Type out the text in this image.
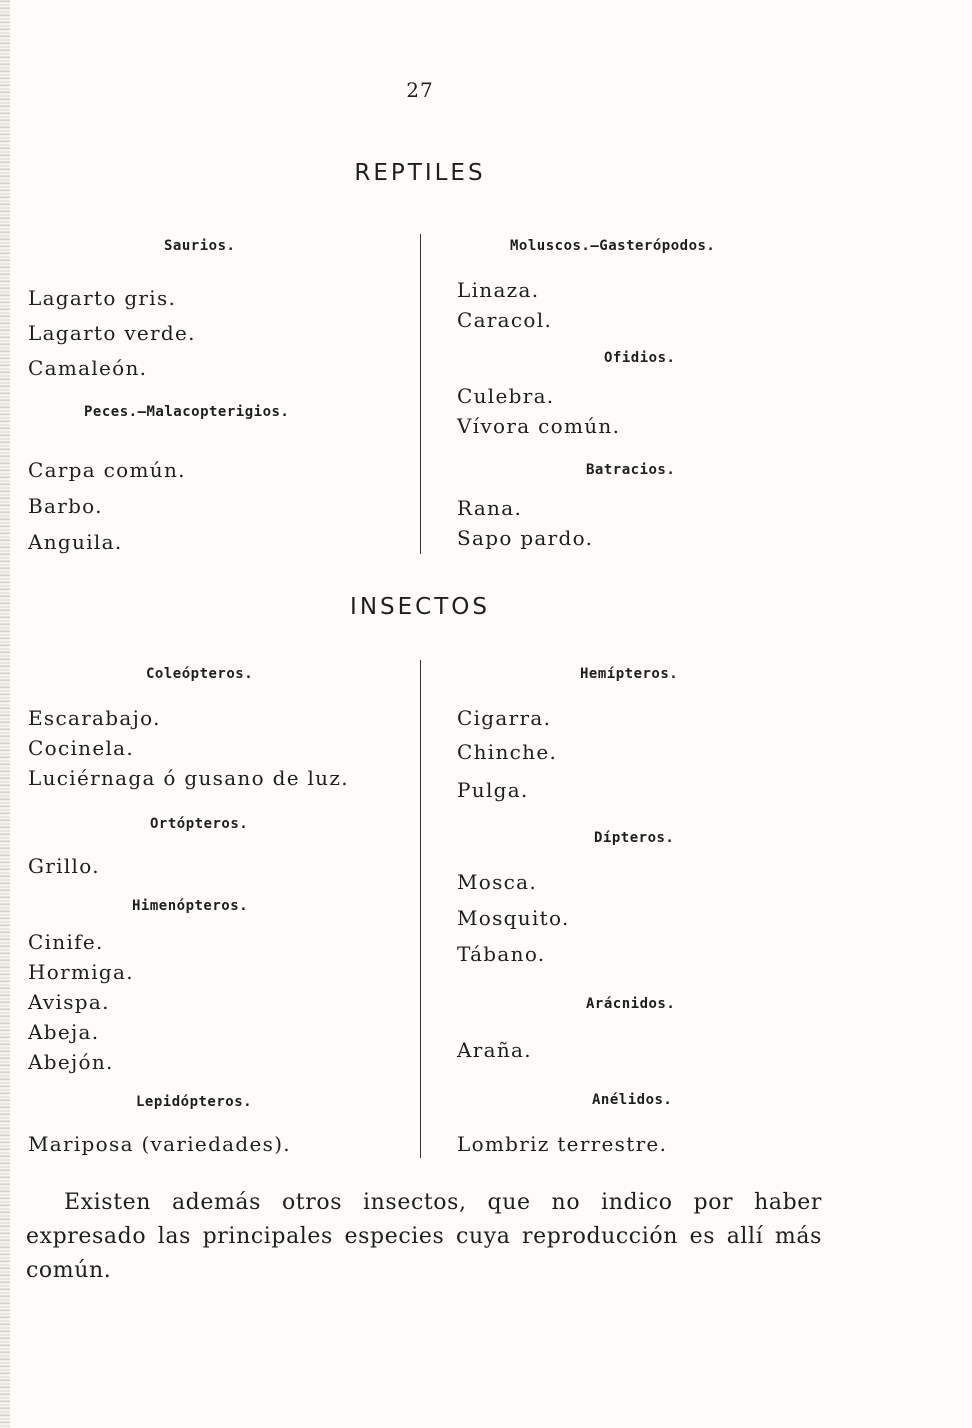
27
REPTILES
Saurios.
Lagarto gris.
Lagarto verde.
Camaleón.
Peces.—Malacopterigios.
Carpa común.
Barbo.
Anguila.
Moluscos.—Gasterópodos.
Linaza.
Caracol.
Ofidios.
Culebra.
Vívora común.
Batracios.
Rana.
Sapo pardo.
INSECTOS
Coleópteros.
Escarabajo.
Cocinela.
Luciérnaga ó gusano de luz.
Ortópteros.
Grillo.
Himenópteros.
Cinife.
Hormiga.
Avispa.
Abeja.
Abejón.
Lepidópteros.
Mariposa (variedades).
Hemípteros.
Cigarra.
Chinche.
Pulga.
Dípteros.
Mosca.
Mosquito.
Tábano.
Arácnidos.
Araña.
Anélidos.
Lombriz terrestre.
Existen además otros insectos, que no indico por haber expresado las principales especies cuya reproducción es allí más común.
